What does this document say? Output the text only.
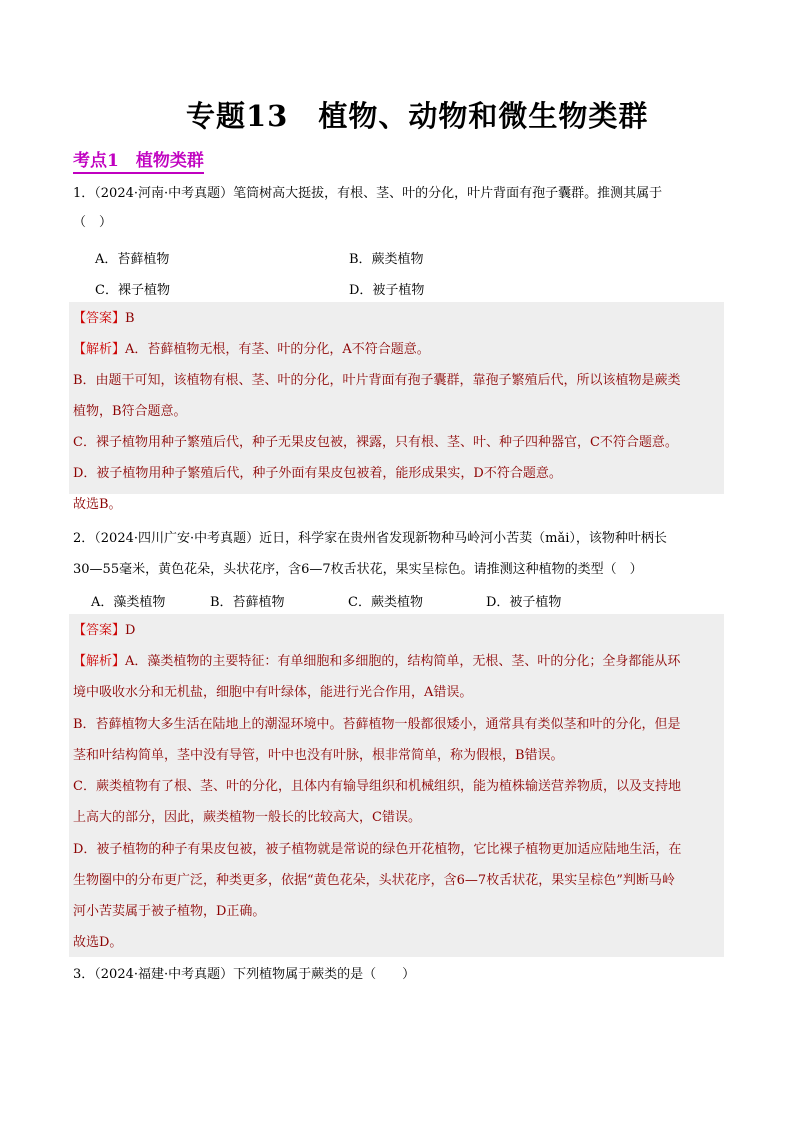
专题13　植物、动物和微生物类群
考点1　植物类群
1．（2024·河南·中考真题）笔筒树高大挺拔，有根、茎、叶的分化，叶片背面有孢子囊群。推测其属于
（　）
A．苔藓植物	B．蕨类植物
C．裸子植物	D．被子植物
【答案】B
【解析】A．苔藓植物无根，有茎、叶的分化，A不符合题意。
B．由题干可知，该植物有根、茎、叶的分化，叶片背面有孢子囊群，靠孢子繁殖后代，所以该植物是蕨类
植物，B符合题意。
C．裸子植物用种子繁殖后代，种子无果皮包被，裸露，只有根、茎、叶、种子四种器官，C不符合题意。
D．被子植物用种子繁殖后代，种子外面有果皮包被着，能形成果实，D不符合题意。
故选B。
2．（2024·四川广安·中考真题）近日，科学家在贵州省发现新物种马岭河小苦荬（mǎi），该物种叶柄长
30—55毫米，黄色花朵，头状花序，含6—7枚舌状花，果实呈棕色。请推测这种植物的类型（　）
A．藻类植物	B．苔藓植物	C．蕨类植物	D．被子植物
【答案】D
【解析】A．藻类植物的主要特征：有单细胞和多细胞的，结构简单，无根、茎、叶的分化；全身都能从环
境中吸收水分和无机盐，细胞中有叶绿体，能进行光合作用，A错误。
B．苔藓植物大多生活在陆地上的潮湿环境中。苔藓植物一般都很矮小，通常具有类似茎和叶的分化，但是
茎和叶结构简单，茎中没有导管，叶中也没有叶脉，根非常简单，称为假根，B错误。
C．蕨类植物有了根、茎、叶的分化，且体内有输导组织和机械组织，能为植株输送营养物质，以及支持地
上高大的部分，因此，蕨类植物一般长的比较高大，C错误。
D．被子植物的种子有果皮包被，被子植物就是常说的绿色开花植物，它比裸子植物更加适应陆地生活，在
生物圈中的分布更广泛，种类更多，依据“黄色花朵，头状花序，含6—7枚舌状花，果实呈棕色”判断马岭
河小苦荬属于被子植物，D正确。
故选D。
3．（2024·福建·中考真题）下列植物属于蕨类的是（　　）
